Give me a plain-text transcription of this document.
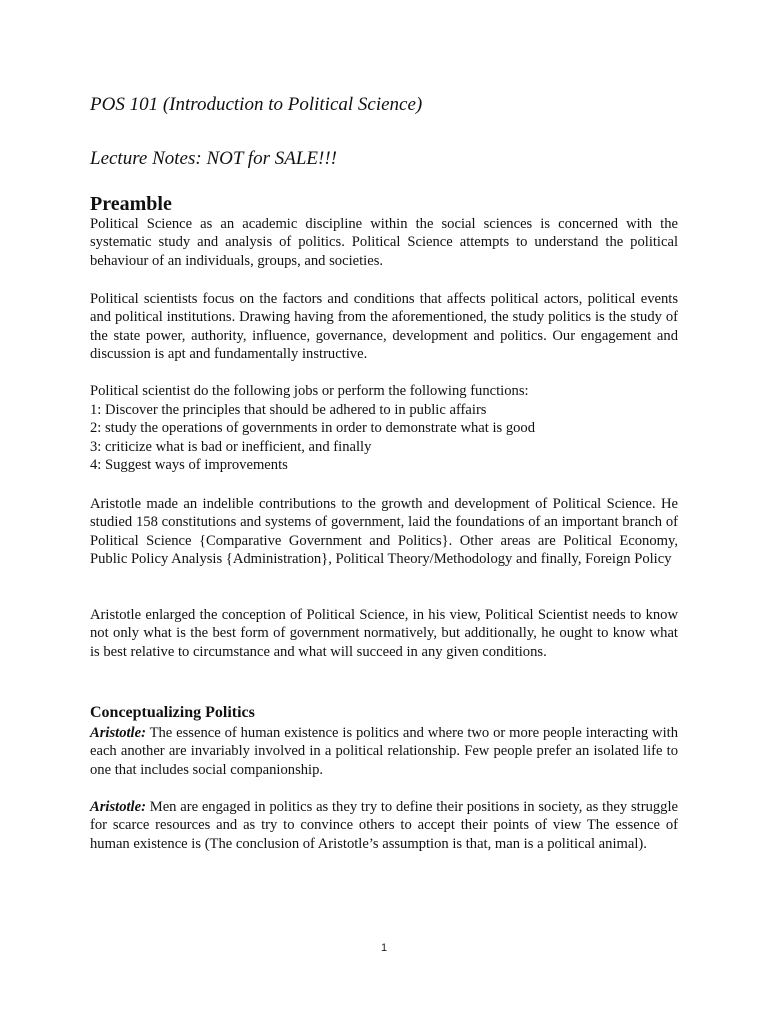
POS 101 (Introduction to Political Science)

Lecture Notes: NOT for SALE!!!

Preamble

Political Science as an academic discipline within the social sciences is concerned with the systematic study and analysis of politics. Political Science attempts to understand the political behaviour of an individuals, groups, and societies.

Political scientists focus on the factors and conditions that affects political actors, political events and political institutions. Drawing having from the aforementioned, the study politics is the study of the state power, authority, influence, governance, development and politics. Our engagement and discussion is apt and fundamentally instructive.

Political scientist do the following jobs or perform the following functions:
1: Discover the principles that should be adhered to in public affairs
2: study the operations of governments in order to demonstrate what is good
3: criticize what is bad or inefficient, and finally
4: Suggest ways of improvements

Aristotle made an indelible contributions to the growth and development of Political Science. He studied 158 constitutions and systems of government, laid the foundations of an important branch of Political Science {Comparative Government and Politics}. Other areas are Political Economy, Public Policy Analysis {Administration}, Political Theory/Methodology and finally, Foreign Policy

Aristotle enlarged the conception of Political Science, in his view, Political Scientist needs to know not only what is the best form of government normatively, but additionally, he ought to know what is best relative to circumstance and what will succeed in any given conditions.

Conceptualizing Politics

Aristotle: The essence of human existence is politics and where two or more people interacting with each another are invariably involved in a political relationship. Few people prefer an isolated life to one that includes social companionship.

Aristotle: Men are engaged in politics as they try to define their positions in society, as they struggle for scarce resources and as try to convince others to accept their points of view The essence of human existence is (The conclusion of Aristotle’s assumption is that, man is a political animal).

1
